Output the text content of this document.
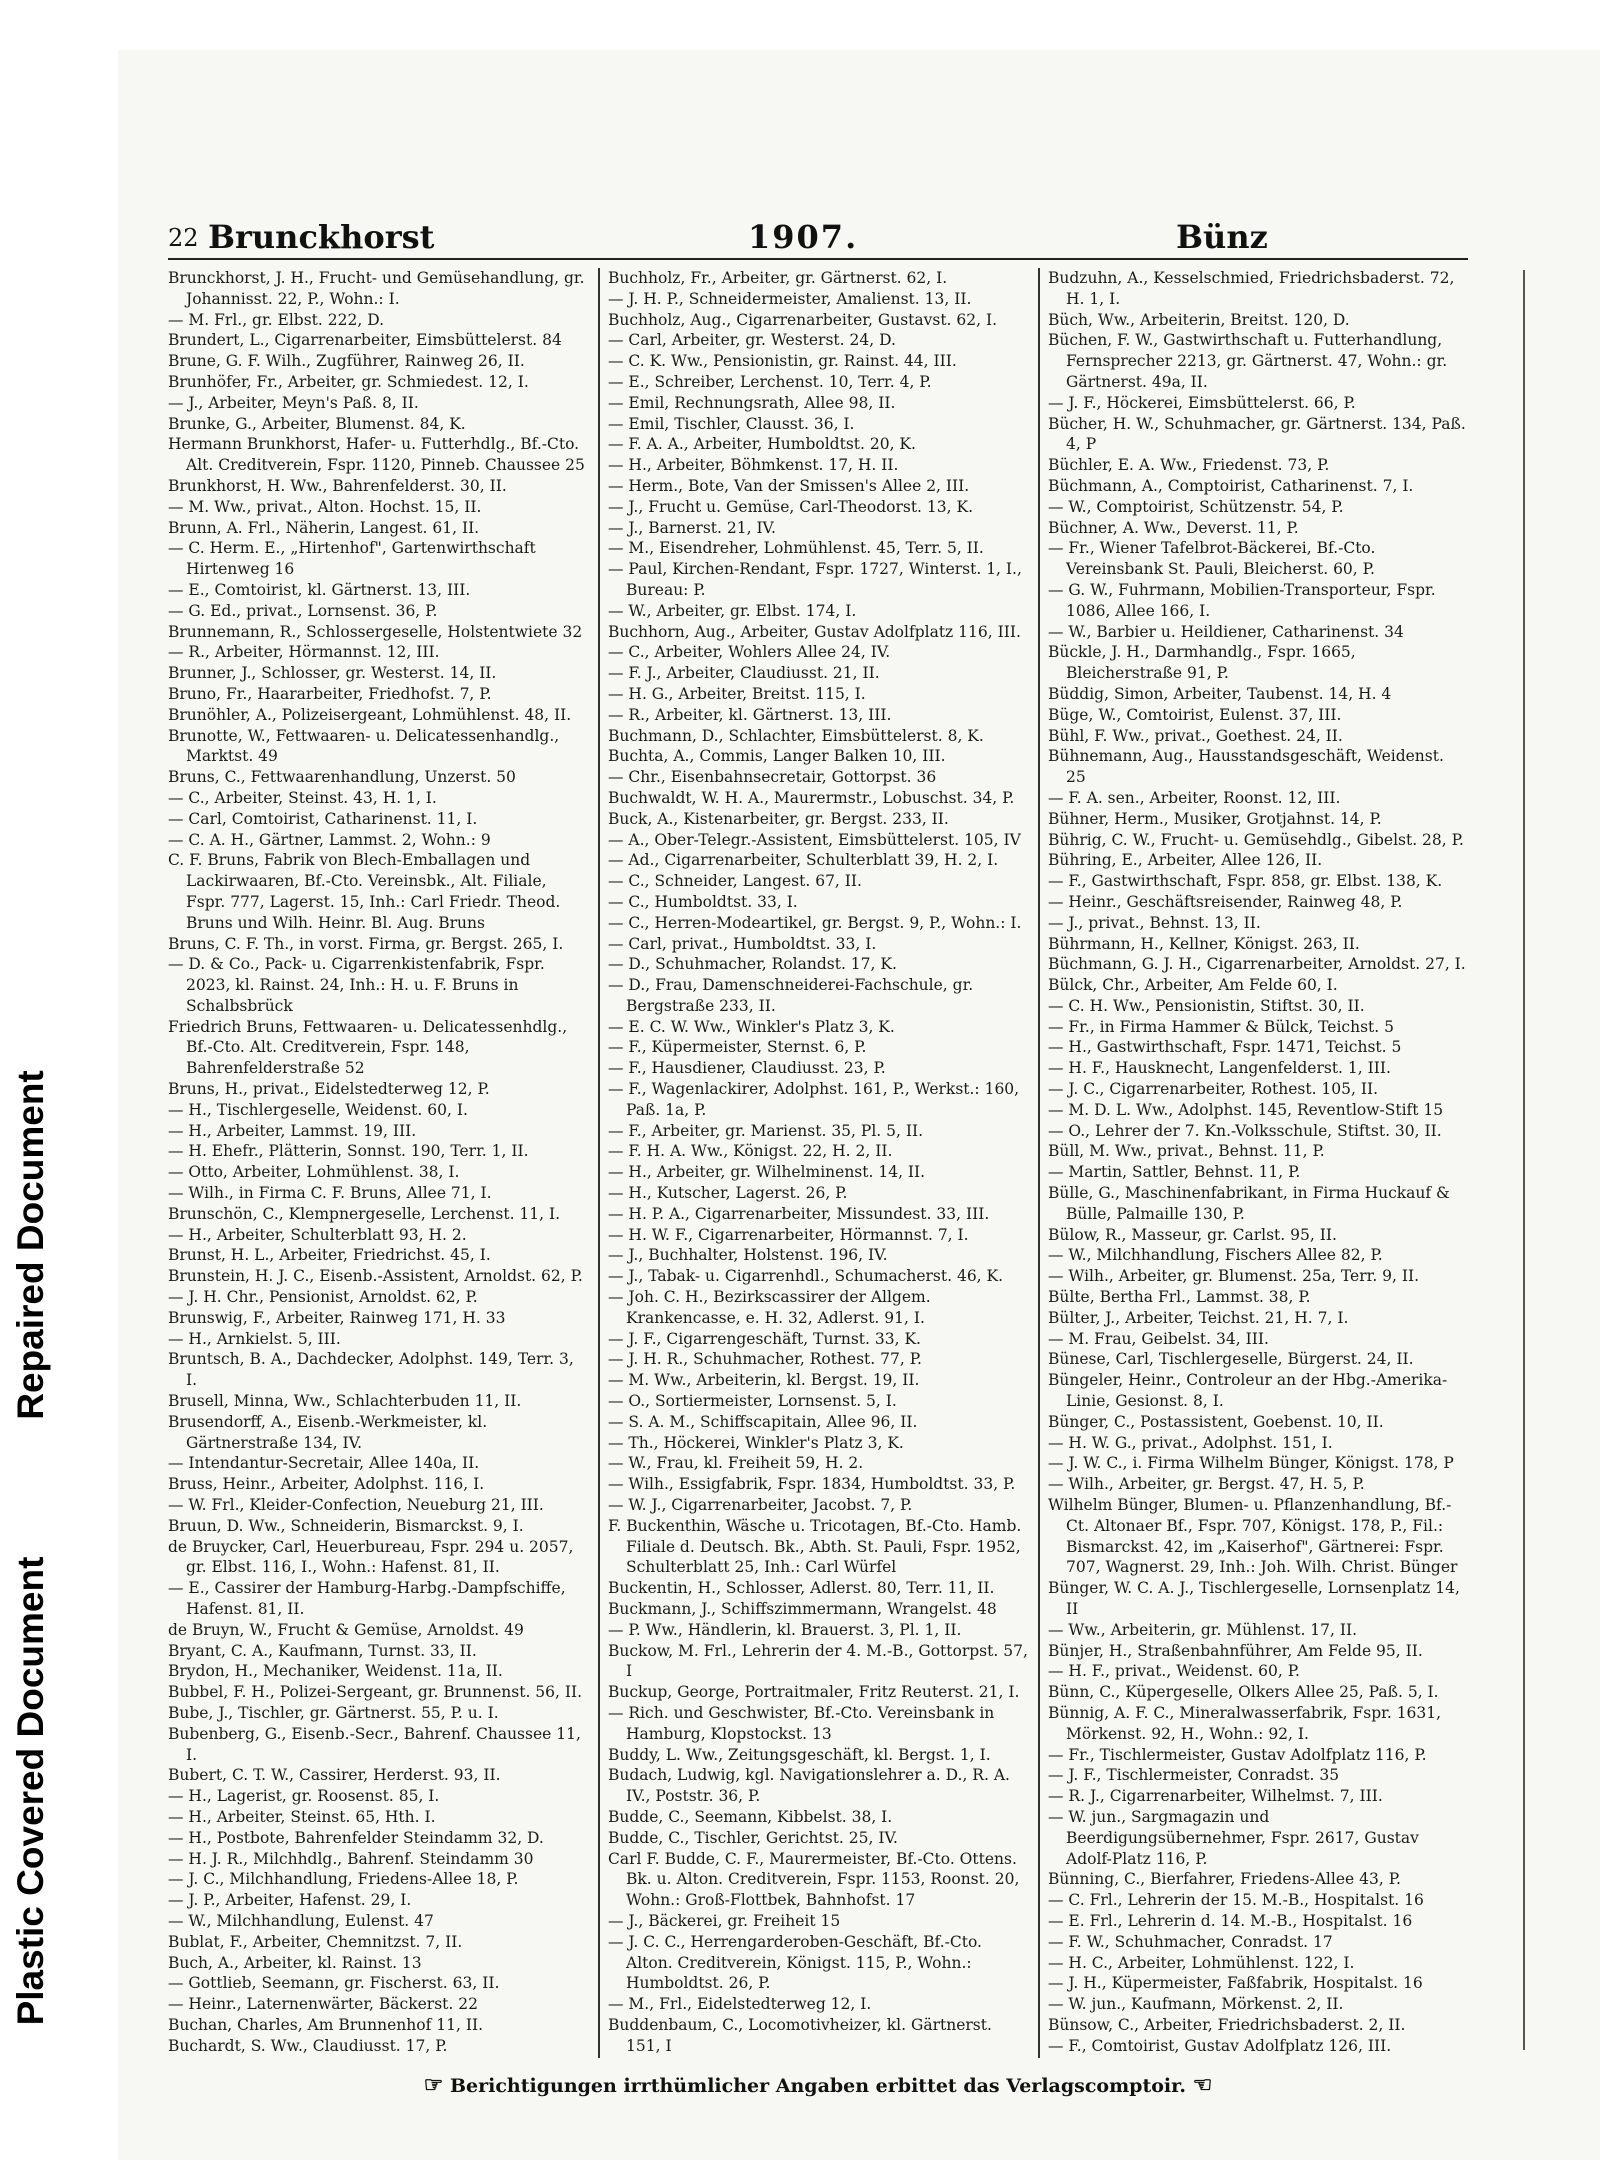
Repaired Document
Plastic Covered Document
22 Brunckhorst	1907.	Bünz

Brunckhorst, J. H., Frucht- und Gemüsehandlung, gr. Johannisst. 22, P., Wohn.: I.

— M. Frl., gr. Elbst. 222, D.

Brundert, L., Cigarrenarbeiter, Eimsbüttelerst. 84

Brune, G. F. Wilh., Zugführer, Rainweg 26, II.

Brunhöfer, Fr., Arbeiter, gr. Schmiedest. 12, I.

— J., Arbeiter, Meyn's Paß. 8, II.

Brunke, G., Arbeiter, Blumenst. 84, K.

Hermann Brunkhorst, Hafer- u. Futterhdlg., Bf.-Cto. Alt. Creditverein, Fspr. 1120, Pinneb. Chaussee 25

Brunkhorst, H. Ww., Bahrenfelderst. 30, II.

— M. Ww., privat., Alton. Hochst. 15, II.

Brunn, A. Frl., Näherin, Langest. 61, II.

— C. Herm. E., „Hirtenhof", Gartenwirthschaft Hirtenweg 16

— E., Comtoirist, kl. Gärtnerst. 13, III.

— G. Ed., privat., Lornsenst. 36, P.

Brunnemann, R., Schlossergeselle, Holstentwiete 32

— R., Arbeiter, Hörmannst. 12, III.

Brunner, J., Schlosser, gr. Westerst. 14, II.

Bruno, Fr., Haararbeiter, Friedhofst. 7, P.

Brunöhler, A., Polizeisergeant, Lohmühlenst. 48, II.

Brunotte, W., Fettwaaren- u. Delicatessenhandlg., Marktst. 49

Bruns, C., Fettwaarenhandlung, Unzerst. 50

— C., Arbeiter, Steinst. 43, H. 1, I.

— Carl, Comtoirist, Catharinenst. 11, I.

— C. A. H., Gärtner, Lammst. 2, Wohn.: 9

C. F. Bruns, Fabrik von Blech-Emballagen und Lackirwaaren, Bf.-Cto. Vereinsbk., Alt. Filiale, Fspr. 777, Lagerst. 15, Inh.: Carl Friedr. Theod. Bruns und Wilh. Heinr. Bl. Aug. Bruns

Bruns, C. F. Th., in vorst. Firma, gr. Bergst. 265, I.

— D. & Co., Pack- u. Cigarrenkistenfabrik, Fspr. 2023, kl. Rainst. 24, Inh.: H. u. F. Bruns in Schalbsbrück

Friedrich Bruns, Fettwaaren- u. Delicatessenhdlg., Bf.-Cto. Alt. Creditverein, Fspr. 148, Bahrenfelderstraße 52

Bruns, H., privat., Eidelstedterweg 12, P.

— H., Tischlergeselle, Weidenst. 60, I.

— H., Arbeiter, Lammst. 19, III.

— H. Ehefr., Plätterin, Sonnst. 190, Terr. 1, II.

— Otto, Arbeiter, Lohmühlenst. 38, I.

— Wilh., in Firma C. F. Bruns, Allee 71, I.

Brunschön, C., Klempnergeselle, Lerchenst. 11, I.

— H., Arbeiter, Schulterblatt 93, H. 2.

Brunst, H. L., Arbeiter, Friedrichst. 45, I.

Brunstein, H. J. C., Eisenb.-Assistent, Arnoldst. 62, P.

— J. H. Chr., Pensionist, Arnoldst. 62, P.

Brunswig, F., Arbeiter, Rainweg 171, H. 33

— H., Arnkielst. 5, III.

Bruntsch, B. A., Dachdecker, Adolphst. 149, Terr. 3, I.

Brusell, Minna, Ww., Schlachterbuden 11, II.

Brusendorff, A., Eisenb.-Werkmeister, kl. Gärtnerstraße 134, IV.

— Intendantur-Secretair, Allee 140a, II.

Bruss, Heinr., Arbeiter, Adolphst. 116, I.

— W. Frl., Kleider-Confection, Neueburg 21, III.

Bruun, D. Ww., Schneiderin, Bismarckst. 9, I.

de Bruycker, Carl, Heuerbureau, Fspr. 294 u. 2057, gr. Elbst. 116, I., Wohn.: Hafenst. 81, II.

— E., Cassirer der Hamburg-Harbg.-Dampfschiffe, Hafenst. 81, II.

de Bruyn, W., Frucht & Gemüse, Arnoldst. 49

Bryant, C. A., Kaufmann, Turnst. 33, II.

Brydon, H., Mechaniker, Weidenst. 11a, II.

Bubbel, F. H., Polizei-Sergeant, gr. Brunnenst. 56, II.

Bube, J., Tischler, gr. Gärtnerst. 55, P. u. I.

Bubenberg, G., Eisenb.-Secr., Bahrenf. Chaussee 11, I.

Bubert, C. T. W., Cassirer, Herderst. 93, II.

— H., Lagerist, gr. Roosenst. 85, I.

— H., Arbeiter, Steinst. 65, Hth. I.

— H., Postbote, Bahrenfelder Steindamm 32, D.

— H. J. R., Milchhdlg., Bahrenf. Steindamm 30

— J. C., Milchhandlung, Friedens-Allee 18, P.

— J. P., Arbeiter, Hafenst. 29, I.

— W., Milchhandlung, Eulenst. 47

Bublat, F., Arbeiter, Chemnitzst. 7, II.

Buch, A., Arbeiter, kl. Rainst. 13

— Gottlieb, Seemann, gr. Fischerst. 63, II.

— Heinr., Laternenwärter, Bäckerst. 22

Buchan, Charles, Am Brunnenhof 11, II.

Buchardt, S. Ww., Claudiusst. 17, P.

Buchholz, Fr., Arbeiter, gr. Gärtnerst. 62, I.

— J. H. P., Schneidermeister, Amalienst. 13, II.

Buchholz, Aug., Cigarrenarbeiter, Gustavst. 62, I.

— Carl, Arbeiter, gr. Westerst. 24, D.

— C. K. Ww., Pensionistin, gr. Rainst. 44, III.

— E., Schreiber, Lerchenst. 10, Terr. 4, P.

— Emil, Rechnungsrath, Allee 98, II.

— Emil, Tischler, Clausst. 36, I.

— F. A. A., Arbeiter, Humboldtst. 20, K.

— H., Arbeiter, Böhmkenst. 17, H. II.

— Herm., Bote, Van der Smissen's Allee 2, III.

— J., Frucht u. Gemüse, Carl-Theodorst. 13, K.

— J., Barnerst. 21, IV.

— M., Eisendreher, Lohmühlenst. 45, Terr. 5, II.

— Paul, Kirchen-Rendant, Fspr. 1727, Winterst. 1, I., Bureau: P.

— W., Arbeiter, gr. Elbst. 174, I.

Buchhorn, Aug., Arbeiter, Gustav Adolfplatz 116, III.

— C., Arbeiter, Wohlers Allee 24, IV.

— F. J., Arbeiter, Claudiusst. 21, II.

— H. G., Arbeiter, Breitst. 115, I.

— R., Arbeiter, kl. Gärtnerst. 13, III.

Buchmann, D., Schlachter, Eimsbüttelerst. 8, K.

Buchta, A., Commis, Langer Balken 10, III.

— Chr., Eisenbahnsecretair, Gottorpst. 36

Buchwaldt, W. H. A., Maurermstr., Lobuschst. 34, P.

Buck, A., Kistenarbeiter, gr. Bergst. 233, II.

— A., Ober-Telegr.-Assistent, Eimsbüttelerst. 105, IV

— Ad., Cigarrenarbeiter, Schulterblatt 39, H. 2, I.

— C., Schneider, Langest. 67, II.

— C., Humboldtst. 33, I.

— C., Herren-Modeartikel, gr. Bergst. 9, P., Wohn.: I.

— Carl, privat., Humboldtst. 33, I.

— D., Schuhmacher, Rolandst. 17, K.

— D., Frau, Damenschneiderei-Fachschule, gr. Bergstraße 233, II.

— E. C. W. Ww., Winkler's Platz 3, K.

— F., Küpermeister, Sternst. 6, P.

— F., Hausdiener, Claudiusst. 23, P.

— F., Wagenlackirer, Adolphst. 161, P., Werkst.: 160, Paß. 1a, P.

— F., Arbeiter, gr. Marienst. 35, Pl. 5, II.

— F. H. A. Ww., Königst. 22, H. 2, II.

— H., Arbeiter, gr. Wilhelminenst. 14, II.

— H., Kutscher, Lagerst. 26, P.

— H. P. A., Cigarrenarbeiter, Missundest. 33, III.

— H. W. F., Cigarrenarbeiter, Hörmannst. 7, I.

— J., Buchhalter, Holstenst. 196, IV.

— J., Tabak- u. Cigarrenhdl., Schumacherst. 46, K.

— Joh. C. H., Bezirkscassirer der Allgem. Krankencasse, e. H. 32, Adlerst. 91, I.

— J. F., Cigarrengeschäft, Turnst. 33, K.

— J. H. R., Schuhmacher, Rothest. 77, P.

— M. Ww., Arbeiterin, kl. Bergst. 19, II.

— O., Sortiermeister, Lornsenst. 5, I.

— S. A. M., Schiffscapitain, Allee 96, II.

— Th., Höckerei, Winkler's Platz 3, K.

— W., Frau, kl. Freiheit 59, H. 2.

— Wilh., Essigfabrik, Fspr. 1834, Humboldtst. 33, P.

— W. J., Cigarrenarbeiter, Jacobst. 7, P.

F. Buckenthin, Wäsche u. Tricotagen, Bf.-Cto. Hamb. Filiale d. Deutsch. Bk., Abth. St. Pauli, Fspr. 1952, Schulterblatt 25, Inh.: Carl Würfel

Buckentin, H., Schlosser, Adlerst. 80, Terr. 11, II.

Buckmann, J., Schiffszimmermann, Wrangelst. 48

— P. Ww., Händlerin, kl. Brauerst. 3, Pl. 1, II.

Buckow, M. Frl., Lehrerin der 4. M.-B., Gottorpst. 57, I

Buckup, George, Portraitmaler, Fritz Reuterst. 21, I.

— Rich. und Geschwister, Bf.-Cto. Vereinsbank in Hamburg, Klopstockst. 13

Buddy, L. Ww., Zeitungsgeschäft, kl. Bergst. 1, I.

Budach, Ludwig, kgl. Navigationslehrer a. D., R. A. IV., Poststr. 36, P.

Budde, C., Seemann, Kibbelst. 38, I.

Budde, C., Tischler, Gerichtst. 25, IV.

Carl F. Budde, C. F., Maurermeister, Bf.-Cto. Ottens. Bk. u. Alton. Creditverein, Fspr. 1153, Roonst. 20, Wohn.: Groß-Flottbek, Bahnhofst. 17

— J., Bäckerei, gr. Freiheit 15

— J. C. C., Herrengarderoben-Geschäft, Bf.-Cto. Alton. Creditverein, Königst. 115, P., Wohn.: Humboldtst. 26, P.

— M., Frl., Eidelstedterweg 12, I.

Buddenbaum, C., Locomotivheizer, kl. Gärtnerst. 151, I

Budzuhn, A., Kesselschmied, Friedrichsbaderst. 72, H. 1, I.

Büch, Ww., Arbeiterin, Breitst. 120, D.

Büchen, F. W., Gastwirthschaft u. Futterhandlung, Fernsprecher 2213, gr. Gärtnerst. 47, Wohn.: gr. Gärtnerst. 49a, II.

— J. F., Höckerei, Eimsbüttelerst. 66, P.

Bücher, H. W., Schuhmacher, gr. Gärtnerst. 134, Paß. 4, P

Büchler, E. A. Ww., Friedenst. 73, P.

Büchmann, A., Comptoirist, Catharinenst. 7, I.

— W., Comptoirist, Schützenstr. 54, P.

Büchner, A. Ww., Deverst. 11, P.

— Fr., Wiener Tafelbrot-Bäckerei, Bf.-Cto. Vereinsbank St. Pauli, Bleicherst. 60, P.

— G. W., Fuhrmann, Mobilien-Transporteur, Fspr. 1086, Allee 166, I.

— W., Barbier u. Heildiener, Catharinenst. 34

Bückle, J. H., Darmhandlg., Fspr. 1665, Bleicherstraße 91, P.

Büddig, Simon, Arbeiter, Taubenst. 14, H. 4

Büge, W., Comtoirist, Eulenst. 37, III.

Bühl, F. Ww., privat., Goethest. 24, II.

Bühnemann, Aug., Hausstandsgeschäft, Weidenst. 25

— F. A. sen., Arbeiter, Roonst. 12, III.

Bühner, Herm., Musiker, Grotjahnst. 14, P.

Bührig, C. W., Frucht- u. Gemüsehdlg., Gibelst. 28, P.

Bühring, E., Arbeiter, Allee 126, II.

— F., Gastwirthschaft, Fspr. 858, gr. Elbst. 138, K.

— Heinr., Geschäftsreisender, Rainweg 48, P.

— J., privat., Behnst. 13, II.

Bührmann, H., Kellner, Königst. 263, II.

Büchmann, G. J. H., Cigarrenarbeiter, Arnoldst. 27, I.

Bülck, Chr., Arbeiter, Am Felde 60, I.

— C. H. Ww., Pensionistin, Stiftst. 30, II.

— Fr., in Firma Hammer & Bülck, Teichst. 5

— H., Gastwirthschaft, Fspr. 1471, Teichst. 5

— H. F., Hausknecht, Langenfelderst. 1, III.

— J. C., Cigarrenarbeiter, Rothest. 105, II.

— M. D. L. Ww., Adolphst. 145, Reventlow-Stift 15

— O., Lehrer der 7. Kn.-Volksschule, Stiftst. 30, II.

Büll, M. Ww., privat., Behnst. 11, P.

— Martin, Sattler, Behnst. 11, P.

Bülle, G., Maschinenfabrikant, in Firma Huckauf & Bülle, Palmaille 130, P.

Bülow, R., Masseur, gr. Carlst. 95, II.

— W., Milchhandlung, Fischers Allee 82, P.

— Wilh., Arbeiter, gr. Blumenst. 25a, Terr. 9, II.

Bülte, Bertha Frl., Lammst. 38, P.

Bülter, J., Arbeiter, Teichst. 21, H. 7, I.

— M. Frau, Geibelst. 34, III.

Bünese, Carl, Tischlergeselle, Bürgerst. 24, II.

Büngeler, Heinr., Controleur an der Hbg.-Amerika-Linie, Gesionst. 8, I.

Bünger, C., Postassistent, Goebenst. 10, II.

— H. W. G., privat., Adolphst. 151, I.

— J. W. C., i. Firma Wilhelm Bünger, Königst. 178, P

— Wilh., Arbeiter, gr. Bergst. 47, H. 5, P.

Wilhelm Bünger, Blumen- u. Pflanzenhandlung, Bf.-Ct. Altonaer Bf., Fspr. 707, Königst. 178, P., Fil.: Bismarckst. 42, im „Kaiserhof", Gärtnerei: Fspr. 707, Wagnerst. 29, Inh.: Joh. Wilh. Christ. Bünger

Bünger, W. C. A. J., Tischlergeselle, Lornsenplatz 14, II

— Ww., Arbeiterin, gr. Mühlenst. 17, II.

Bünjer, H., Straßenbahnführer, Am Felde 95, II.

— H. F., privat., Weidenst. 60, P.

Bünn, C., Küpergeselle, Olkers Allee 25, Paß. 5, I.

Bünnig, A. F. C., Mineralwasserfabrik, Fspr. 1631, Mörkenst. 92, H., Wohn.: 92, I.

— Fr., Tischlermeister, Gustav Adolfplatz 116, P.

— J. F., Tischlermeister, Conradst. 35

— R. J., Cigarrenarbeiter, Wilhelmst. 7, III.

— W. jun., Sargmagazin und Beerdigungsübernehmer, Fspr. 2617, Gustav Adolf-Platz 116, P.

Bünning, C., Bierfahrer, Friedens-Allee 43, P.

— C. Frl., Lehrerin der 15. M.-B., Hospitalst. 16

— E. Frl., Lehrerin d. 14. M.-B., Hospitalst. 16

— F. W., Schuhmacher, Conradst. 17

— H. C., Arbeiter, Lohmühlenst. 122, I.

— J. H., Küpermeister, Faßfabrik, Hospitalst. 16

— W. jun., Kaufmann, Mörkenst. 2, II.

Bünsow, C., Arbeiter, Friedrichsbaderst. 2, II.

— F., Comtoirist, Gustav Adolfplatz 126, III.

☞ Berichtigungen irrthümlicher Angaben erbittet das Verlagscomptoir. ☜
